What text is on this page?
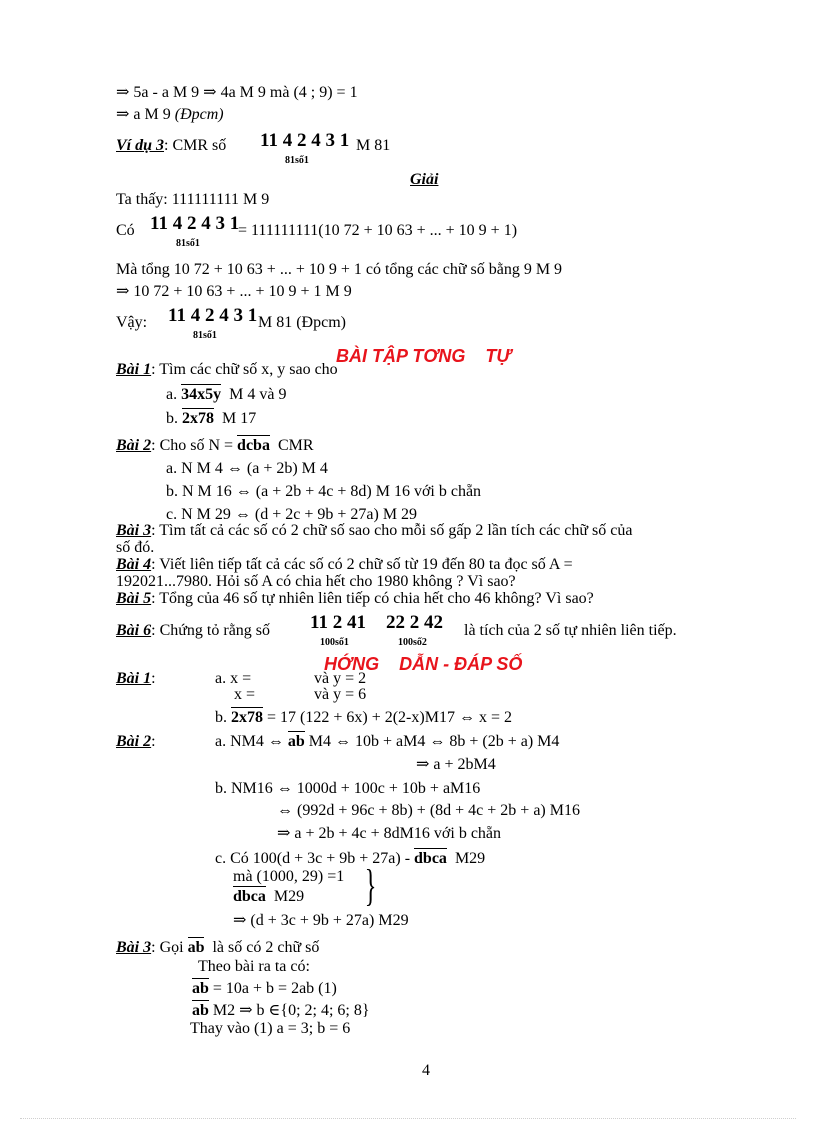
⇒ 5a - a M 9 ⇒ 4a M 9 mà (4 ; 9) = 1
⇒ a M 9 (Đpcm)
Ví dụ 3: CMR số 11 4 2 4 3 1
81số1
M 81
Giải
Ta thấy: 111111111 M 9
Có 11 4 2 4 3 1
81số1
= 111111111(10 72 + 10 63 + ... + 10 9 + 1)
Mà tổng 10 72 + 10 63 + ... + 10 9 + 1 có tổng các chữ số bằng 9 M 9
⇒ 10 72 + 10 63 + ... + 10 9 + 1 M 9
Vậy: 11 4 2 4 3 1
81số1
M 81 (Đpcm)
BÀI TẬP TƠNG    TỰ
Bài 1: Tìm các chữ số x, y sao cho
a. 34x5y M 4 và 9
b. 2x78 M 17
Bài 2: Cho số N = dcba CMR
a. N M 4 ⇔ (a + 2b) M 4
b. N M 16 ⇔ (a + 2b + 4c + 8d) M 16 với b chẵn
c. N M 29 ⇔ (d + 2c + 9b + 27a) M 29
Bài 3: Tìm tất cả các số có 2 chữ số sao cho mỗi số gấp 2 lần tích các chữ số của
số đó.
Bài 4: Viết liên tiếp tất cả các số có 2 chữ số từ 19 đến 80 ta đọc số A =
192021...7980. Hỏi số A có chia hết cho 1980 không ? Vì sao?
Bài 5: Tổng của 46 số tự nhiên liên tiếp có chia hết cho 46 không? Vì sao?
Bài 6: Chứng tỏ rằng số 11 2 41
100số1
22 2 42
100số2
là tích của 2 số tự nhiên liên tiếp.
HỚNG    DẪN - ĐÁP SỐ
Bài 1:	a. x =	và y = 2
x =	và y = 6
b. 2x78 = 17 (122 + 6x) + 2(2-x)M17 ⇔ x = 2
Bài 2:	a. NM4 ⇔ ab M4 ⇔ 10b + aM4 ⇔ 8b + (2b + a) M4
⇒ a + 2bM4
b. NM16 ⇔ 1000d + 100c + 10b + aM16
⇔ (992d + 96c + 8b) + (8d + 4c + 2b + a) M16
⇒ a + 2b + 4c + 8dM16 với b chẵn
c. Có 100(d + 3c + 9b + 27a) - dbca M29
mà (1000, 29) =1
dbca M29 }
⇒ (d + 3c + 9b + 27a) M29
Bài 3: Gọi ab là số có 2 chữ số
Theo bài ra ta có:
ab = 10a + b = 2ab (1)
ab M2 ⇒ b ∈{0; 2; 4; 6; 8}
Thay vào (1) a = 3; b = 6
4
